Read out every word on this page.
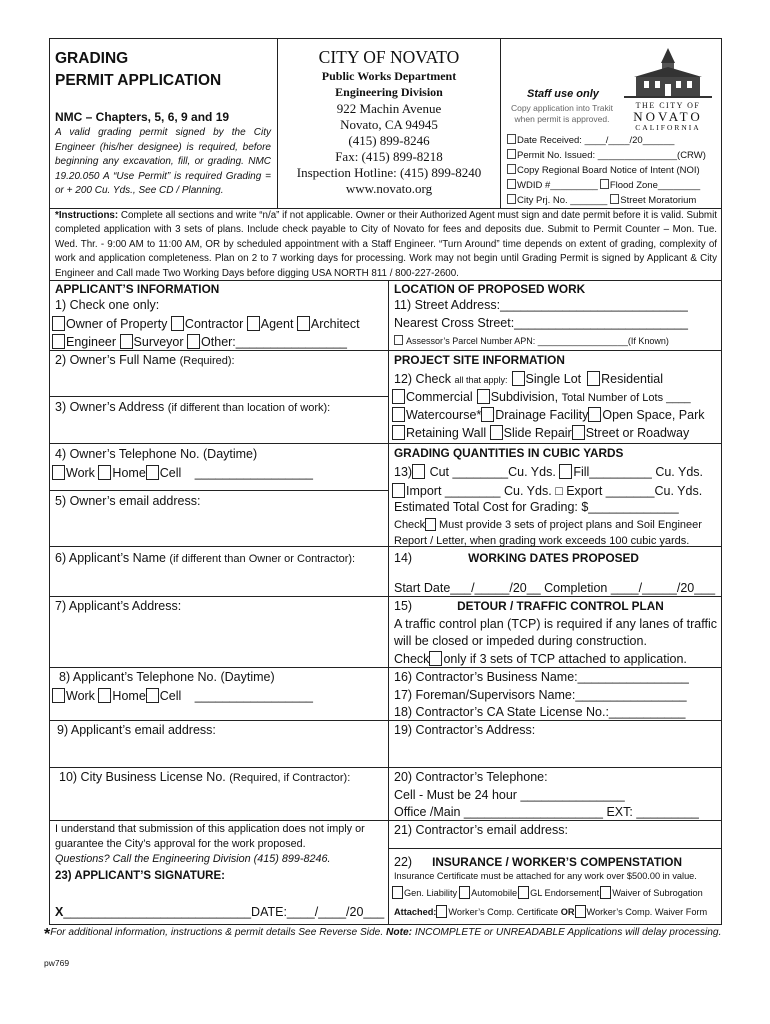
GRADING
PERMIT APPLICATION
NMC – Chapters, 5, 6, 9 and 19
A valid grading permit signed by the City Engineer (his/her designee) is required, before beginning any excavation, fill, or grading. NMC 19.20.050 A “Use Permit” is required Grading = or + 200 Cu. Yds., See CD / Planning.
CITY OF NOVATO
Public Works Department
Engineering Division
922 Machin Avenue
Novato, CA 94945
(415) 899-8246
Fax: (415) 899-8218
Inspection Hotline: (415) 899-8240
www.novato.org
Staff use only
Copy application into Trakit when permit is approved.
THE CITY OF
NOVATO
CALIFORNIA
Date Received: ____/____/20______
Permit No. Issued: _______________(CRW)
Copy Regional Board Notice of Intent (NOI)
WDID #_________ Flood Zone________
City Prj. No. _______ Street Moratorium
*Instructions: Complete all sections and write “n/a” if not applicable. Owner or their Authorized Agent must sign and date permit before it is valid. Submit completed application with 3 sets of plans. Include check payable to City of Novato for fees and deposits due. Submit to Permit Counter – Mon. Tue. Wed. Thr. - 9:00 AM to 11:00 AM, OR by scheduled appointment with a Staff Engineer. “Turn Around” time depends on extent of grading, complexity of work and application completeness. Plan on 2 to 7 working days for processing. Work may not begin until Grading Permit is signed by Applicant & City Engineer and Call made Two Working Days before digging USA NORTH 811 / 800-227-2600.
APPLICANT’S INFORMATION
1) Check one only:
Owner of Property Contractor Agent Architect
Engineer Surveyor Other:________________
2) Owner’s Full Name (Required):
3) Owner’s Address (if different than location of work):
4) Owner’s Telephone No. (Daytime)
Work Home Cell _________________
5) Owner’s email address:
6) Applicant’s Name (if different than Owner or Contractor):
7) Applicant’s Address:
8) Applicant’s Telephone No. (Daytime)
Work Home Cell _________________
9) Applicant’s email address:
10) City Business License No. (Required, if Contractor):
I understand that submission of this application does not imply or guarantee the City’s approval for the work proposed.
Questions? Call the Engineering Division (415) 899-8246.
23) APPLICANT’S SIGNATURE:
X___________________________DATE:____/____/20___
LOCATION OF PROPOSED WORK
11) Street Address:___________________________
Nearest Cross Street:_________________________
Assessor’s Parcel Number APN: __________________(If Known)
PROJECT SITE INFORMATION
12) Check all that apply: Single Lot Residential
Commercial Subdivision, Total Number of Lots ____
Watercourse* Drainage Facility Open Space, Park
Retaining Wall Slide Repair Street or Roadway
GRADING QUANTITIES IN CUBIC YARDS
13) Cut ________Cu. Yds. Fill_________ Cu. Yds.
Import ________ Cu. Yds. □ Export _______Cu. Yds.
Estimated Total Cost for Grading: $_____________
Check	Must provide 3 sets of project plans and Soil Engineer Report / Letter, when grading work exceeds 100 cubic yards.
14)	WORKING DATES PROPOSED
Start Date___/_____/20__ Completion ____/_____/20___
15)	DETOUR / TRAFFIC CONTROL PLAN
A traffic control plan (TCP) is required if any lanes of traffic will be closed or impeded during construction.
Check only if 3 sets of TCP attached to application.
16) Contractor’s Business Name:________________
17) Foreman/Supervisors Name:________________
18) Contractor’s CA State License No.:___________
19) Contractor’s Address:
20) Contractor’s Telephone:
Cell - Must be 24 hour _______________
Office /Main ____________________ EXT: _________
21) Contractor’s email address:
22) INSURANCE / WORKER’S COMPENSTATION
Insurance Certificate must be attached for any work over $500.00 in value.
Gen. Liability Automobile GL Endorsement Waiver of Subrogation
Attached: Worker’s Comp. Certificate OR Worker’s Comp. Waiver Form
*For additional information, instructions & permit details See Reverse Side. Note: INCOMPLETE or UNREADABLE Applications will delay processing.
pw769
